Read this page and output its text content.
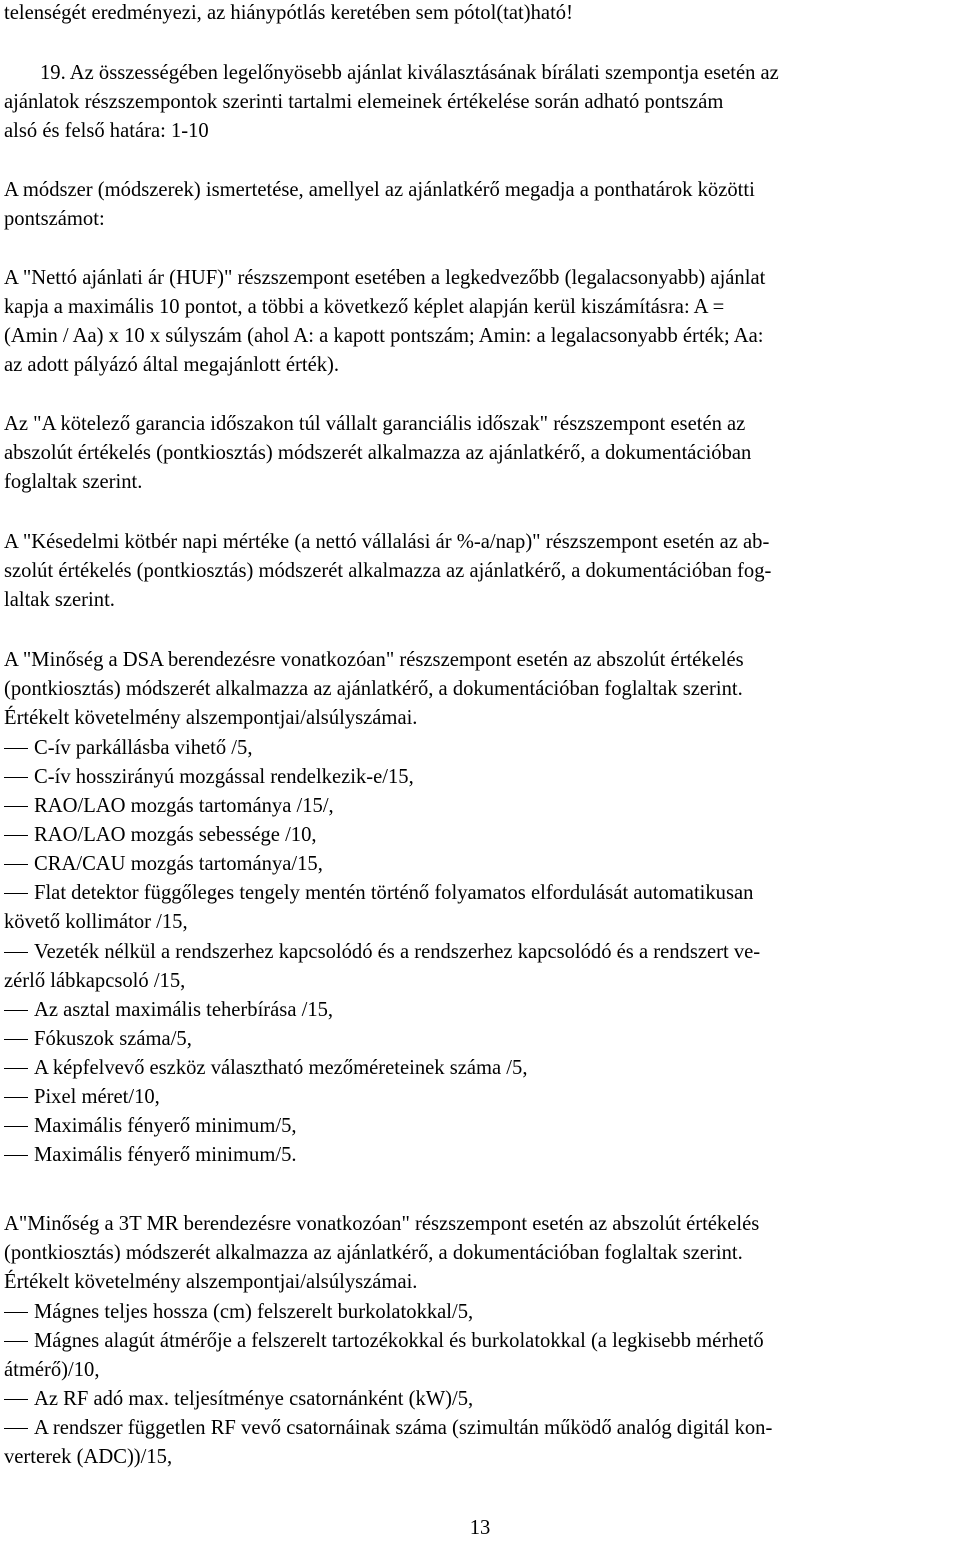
telenségét eredményezi, az hiánypótlás keretében sem pótol(tat)ható!
19. Az összességében legelőnyösebb ajánlat kiválasztásának bírálati szempontja esetén az
ajánlatok részszempontok szerinti tartalmi elemeinek értékelése során adható pontszám
alsó és felső határa: 1-10
A módszer (módszerek) ismertetése, amellyel az ajánlatkérő megadja a ponthatárok közötti
pontszámot:
A "Nettó ajánlati ár (HUF)" részszempont esetében a legkedvezőbb (legalacsonyabb) ajánlat
kapja a maximális 10 pontot, a többi a következő képlet alapján kerül kiszámításra: A =
(Amin / Aa) x 10 x súlyszám (ahol A: a kapott pontszám; Amin: a legalacsonyabb érték; Aa:
az adott pályázó által megajánlott érték).
Az "A kötelező garancia időszakon túl vállalt garanciális időszak" részszempont esetén az
abszolút értékelés (pontkiosztás) módszerét alkalmazza az ajánlatkérő, a dokumentációban
foglaltak szerint.
A "Késedelmi kötbér napi mértéke (a nettó vállalási ár %-a/nap)" részszempont esetén az ab-
szolút értékelés (pontkiosztás) módszerét alkalmazza az ajánlatkérő, a dokumentációban fog-
laltak szerint.
A "Minőség a DSA berendezésre vonatkozóan" részszempont esetén az abszolút értékelés
(pontkiosztás) módszerét alkalmazza az ajánlatkérő, a dokumentációban foglaltak szerint.
Értékelt követelmény alszempontjai/alsúlyszámai.
C-ív parkállásba vihető /5,
C-ív hosszirányú mozgással rendelkezik-e/15,
RAO/LAO mozgás tartománya /15/,
RAO/LAO mozgás sebessége /10,
CRA/CAU mozgás tartománya/15,
Flat detektor függőleges tengely mentén történő folyamatos elfordulását automatikusan
követő kollimátor /15,
Vezeték nélkül a rendszerhez kapcsolódó és a rendszerhez kapcsolódó és a rendszert ve-
zérlő lábkapcsoló /15,
Az asztal maximális teherbírása /15,
Fókuszok száma/5,
A képfelvevő eszköz választható mezőméreteinek száma /5,
Pixel méret/10,
Maximális fényerő minimum/5,
Maximális fényerő minimum/5.
A"Minőség a 3T MR berendezésre vonatkozóan" részszempont esetén az abszolút értékelés
(pontkiosztás) módszerét alkalmazza az ajánlatkérő, a dokumentációban foglaltak szerint.
Értékelt követelmény alszempontjai/alsúlyszámai.
Mágnes teljes hossza (cm) felszerelt burkolatokkal/5,
Mágnes alagút átmérője a felszerelt tartozékokkal és burkolatokkal (a legkisebb mérhető
átmérő)/10,
Az RF adó max. teljesítménye csatornánként (kW)/5,
A rendszer független RF vevő csatornáinak száma (szimultán működő analóg digitál kon-
verterek (ADC))/15,
13
